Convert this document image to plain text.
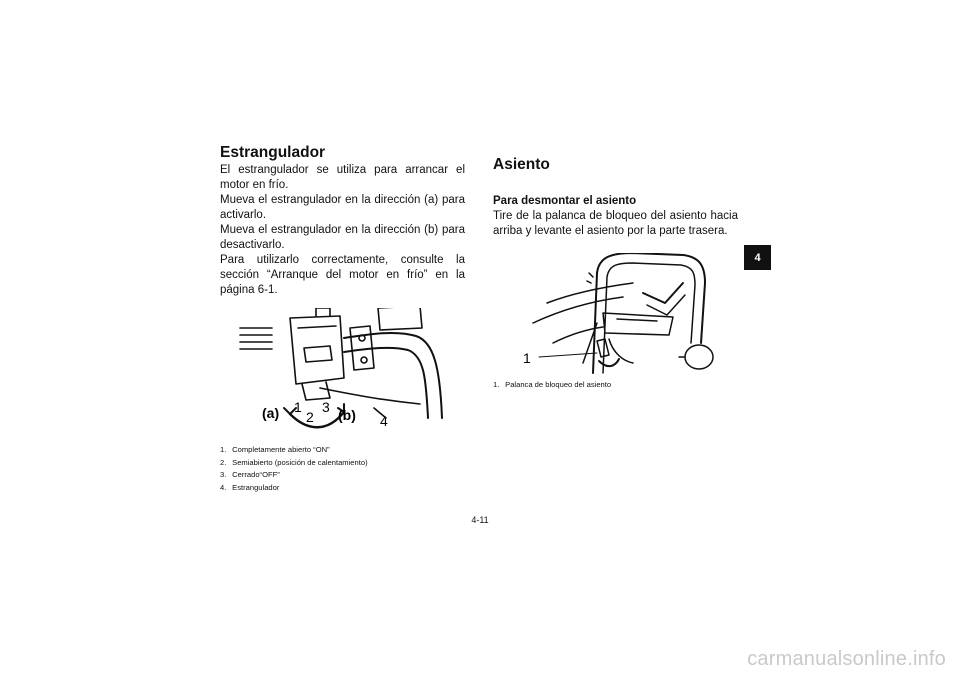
Estrangulador

El estrangulador se utiliza para arrancar el motor en frío.

Mueva el estrangulador en la dirección (a) para activarlo.

Mueva el estrangulador en la dirección (b) para desactivarlo.

Para utilizarlo correctamente, consulte la sección “Arranque del motor en frío” en la página 6-1.

(a) 1
2
3 (b) 4
1. Completamente abierto “ON”
2. Semiabierto (posición de calentamiento)
3. Cerrado“OFF”
4. Estrangulador
Asiento
Para desmontar el asiento

Tire de la palanca de bloqueo del asiento hacia arriba y levante el asiento por la parte trasera.

1
1. Palanca de bloqueo del asiento
4
4-11
carmanualsonline.info
